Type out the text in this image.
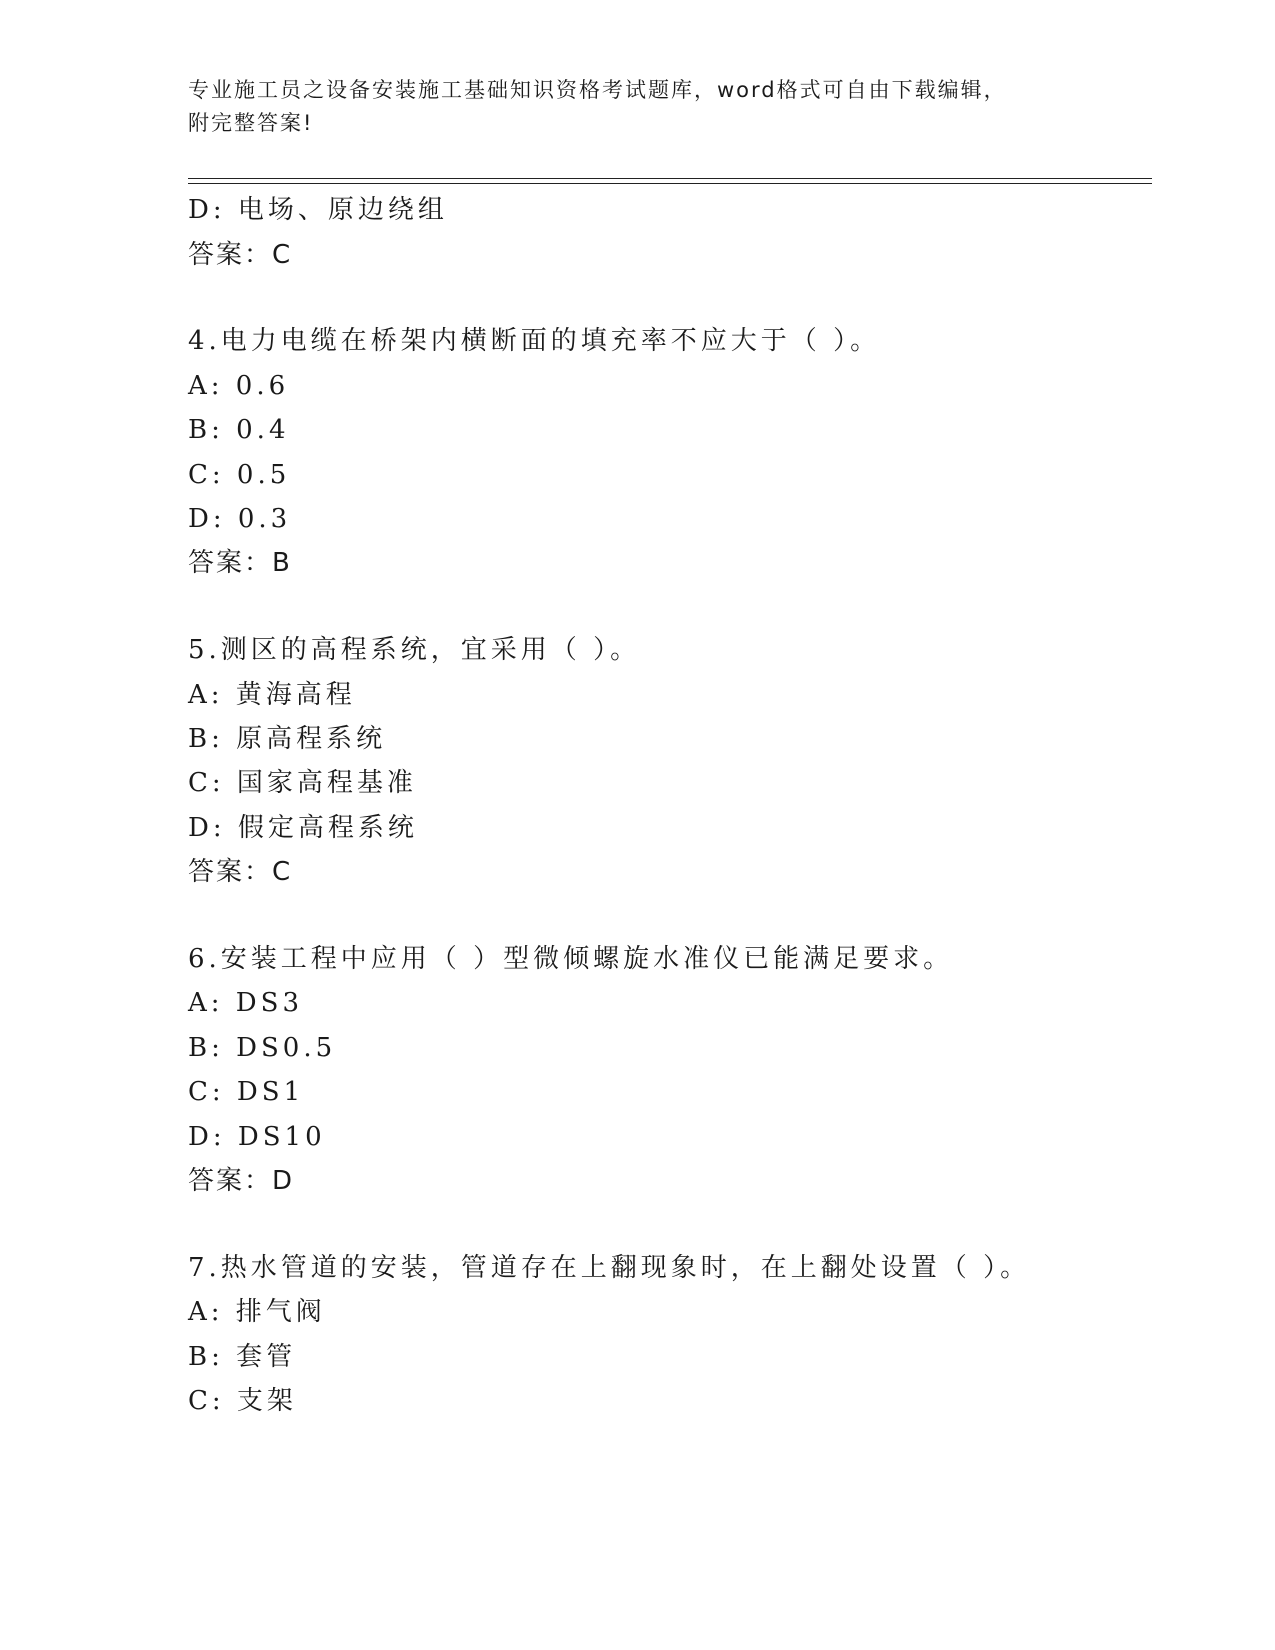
专业施工员之设备安装施工基础知识资格考试题库，word格式可自由下载编辑，
附完整答案!
D: 电场、原边绕组
答案：C
4.电力电缆在桥架内横断面的填充率不应大于（ ）。
A: 0.6
B: 0.4
C: 0.5
D: 0.3
答案：B
5.测区的高程系统，宜采用（ ）。
A: 黄海高程
B: 原高程系统
C: 国家高程基准
D: 假定高程系统
答案：C
6.安装工程中应用（ ）型微倾螺旋水准仪已能满足要求。
A: DS3
B: DS0.5
C: DS1
D: DS10
答案：D
7.热水管道的安装，管道存在上翻现象时，在上翻处设置（ ）。
A: 排气阀
B: 套管
C: 支架
